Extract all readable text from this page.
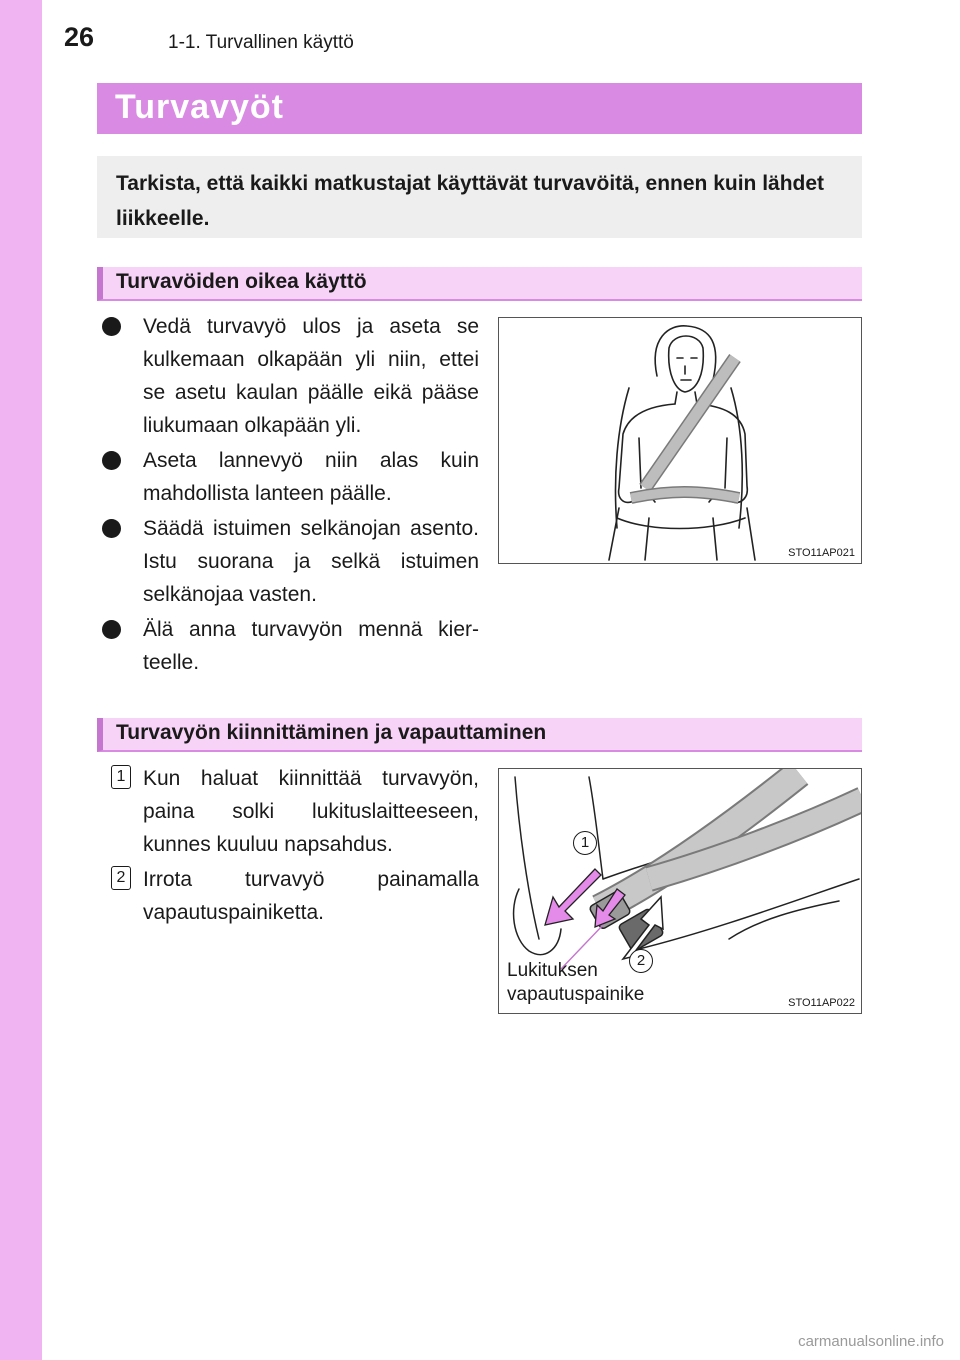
26	1-1. Turvallinen käyttö
Turvavyöt
Tarkista, että kaikki matkustajat käyttävät turvavöitä, ennen kuin lähdet liikkeelle.
Turvavöiden oikea käyttö
Vedä turvavyö ulos ja aseta se kulkemaan olkapään yli niin, ettei se asetu kaulan päälle eikä pääse liukumaan olkapään yli.
Aseta lannevyö niin alas kuin mahdollista lanteen päälle.
Säädä istuimen selkänojan asento. Istu suorana ja selkä istuimen selkänojaa vasten.
Älä anna turvavyön mennä kierteelle.
STO11AP021
Turvavyön kiinnittäminen ja vapauttaminen
1 Kun haluat kiinnittää turvavyön, paina solki lukituslaitteeseen, kunnes kuuluu napsahdus.
2 Irrota turvavyö painamalla vapautuspainiketta.
1
2
Lukituksen
vapautuspainike	STO11AP022
carmanualsonline.info
